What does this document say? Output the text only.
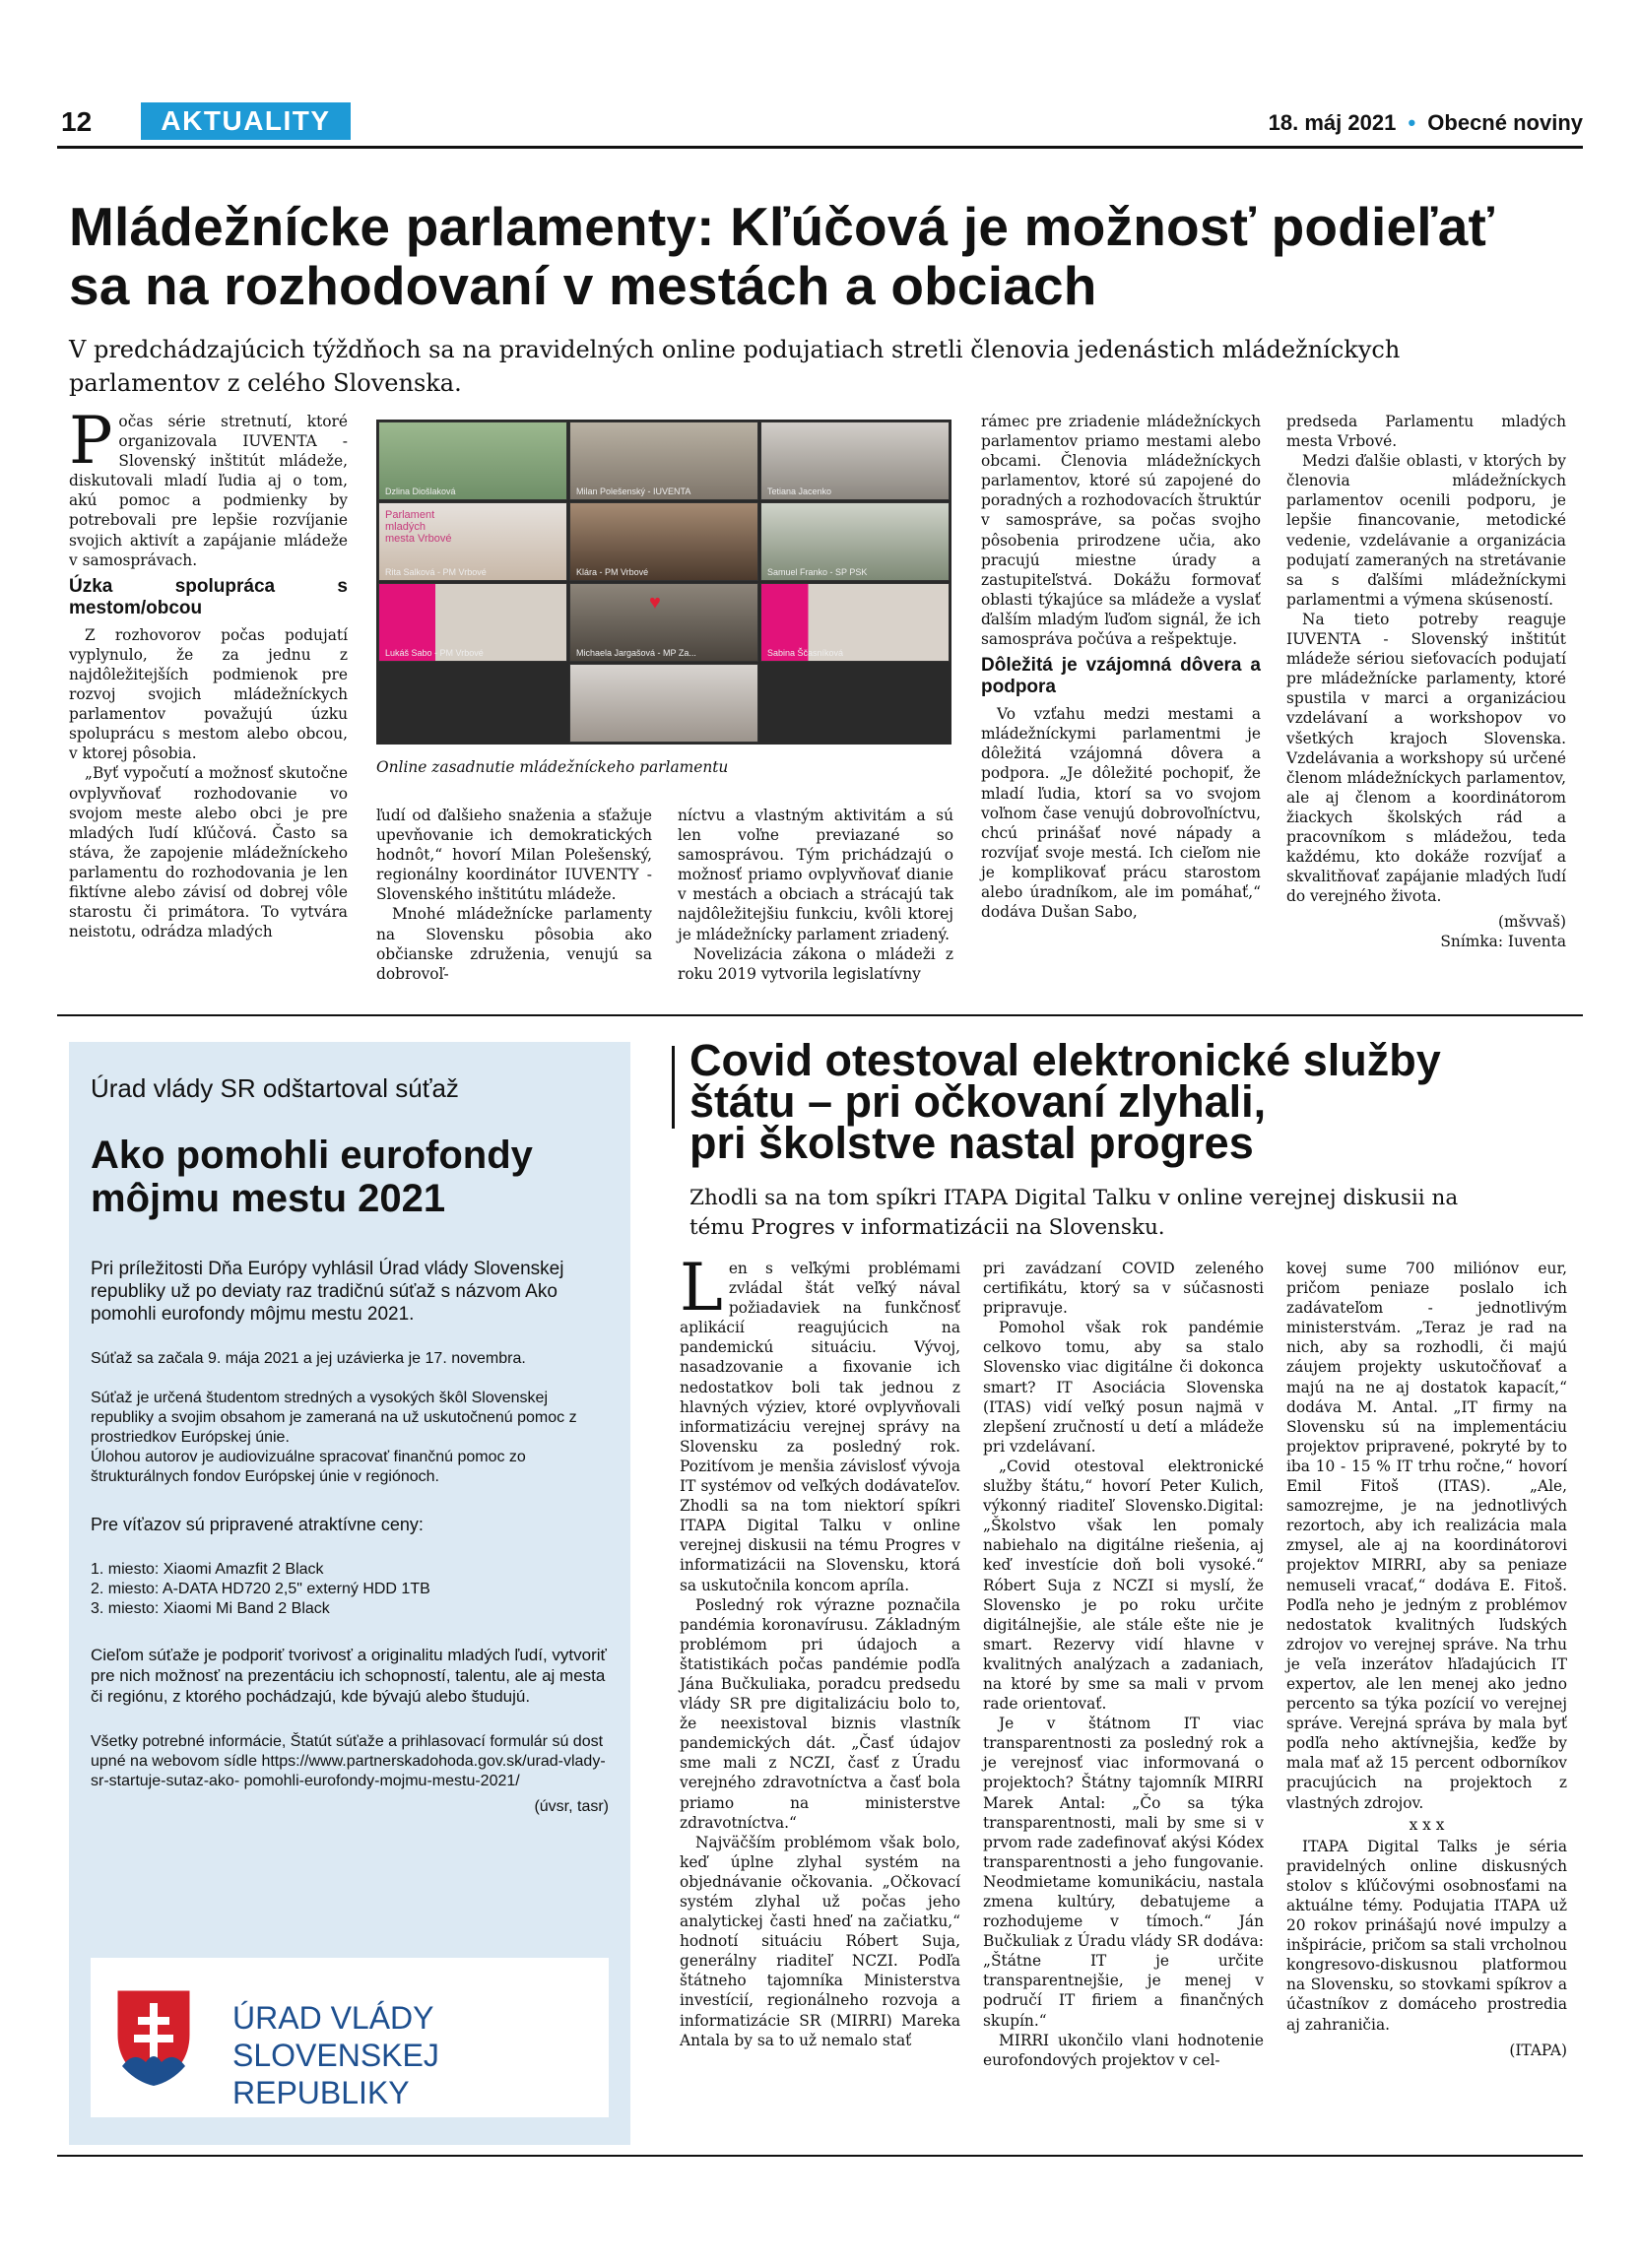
12	AKTUALITY	18. máj 2021 • Obecné noviny
Mládežnícke parlamenty: Kľúčová je možnosť podieľať
sa na rozhodovaní v mestách a obciach

V predchádzajúcich týždňoch sa na pravidelných online podujatiach stretli členovia jedenástich mládežníckych parlamentov z celého Slovenska.

P očas série stretnutí, ktoré organizovala IUVENTA - Slovenský inštitút mládeže, diskutovali mladí ľudia aj o tom, akú pomoc a podmienky by potrebovali pre lepšie rozvíjanie svojich aktivít a zapájanie mládeže v samosprávach.

Úzka spolupráca s mestom/obcou

Z rozhovorov počas podujatí vyplynulo, že za jednu z najdôležitejších podmienok pre rozvoj svojich mládežníckych parlamentov považujú úzku spoluprácu s mestom alebo obcou, v ktorej pôsobia.

„Byť vypočutí a možnosť skutočne ovplyvňovať rozhodovanie vo svojom meste alebo obci je pre mladých ľudí kľúčová. Často sa stáva, že zapojenie mládežníckeho parlamentu do rozhodovania je len fiktívne alebo závisí od dobrej vôle starostu či primátora. To vytvára neistotu, odrádza mladých

Dzlina Diošlaková	Milan Polešenský - IUVENTA	Tetiana Jacenko
Parlament mladých mesta Vrbové
Rita Salková - PM Vrbové	Klára - PM Vrbové	Samuel Franko - SP PSK
Lukáš Sabo - PM Vrbové
♥
Michaela Jargašová - MP Za...	Sabina Ščasníková

Online zasadnutie mládežníckeho parlamentu

ľudí od ďalšieho snaženia a sťažuje upevňovanie ich demokratických hodnôt,“ hovorí Milan Polešenský, regionálny koordinátor IUVENTY - Slovenského inštitútu mládeže.

Mnohé mládežnícke parlamenty na Slovensku pôsobia ako občianske združenia, venujú sa dobrovoľ-

níctvu a vlastným aktivitám a sú len voľne previazané so samosprávou. Tým prichádzajú o možnosť priamo ovplyvňovať dianie v mestách a obciach a strácajú tak najdôležitejšiu funkciu, kvôli ktorej je mládežnícky parlament zriadený.

Novelizácia zákona o mládeži z roku 2019 vytvorila legislatívny

rámec pre zriadenie mládežníckych parlamentov priamo mestami alebo obcami. Členovia mládežníckych parlamentov, ktoré sú zapojené do poradných a rozhodovacích štruktúr v samospráve, sa počas svojho pôsobenia prirodzene učia, ako pracujú miestne úrady a zastupiteľstvá. Dokážu formovať oblasti týkajúce sa mládeže a vyslať ďalším mladým ľuďom signál, že ich samospráva počúva a rešpektuje.

Dôležitá je vzájomná dôvera a podpora

Vo vzťahu medzi mestami a mládežníckymi parlamentmi je dôležitá vzájomná dôvera a podpora. „Je dôležité pochopiť, že mladí ľudia, ktorí sa vo svojom voľnom čase venujú dobrovoľníctvu, chcú prinášať nové nápady a rozvíjať svoje mestá. Ich cieľom nie je komplikovať prácu starostom alebo úradníkom, ale im pomáhať,“ dodáva Dušan Sabo,

predseda Parlamentu mladých mesta Vrbové.

Medzi ďalšie oblasti, v ktorých by členovia mládežníckych parlamentov ocenili podporu, je lepšie financovanie, metodické vedenie, vzdelávanie a organizácia podujatí zameraných na stretávanie sa s ďalšími mládežníckymi parlamentmi a výmena skúseností.

Na tieto potreby reaguje IUVENTA - Slovenský inštitút mládeže sériou sieťovacích podujatí pre mládežnícke parlamenty, ktoré spustila v marci a organizáciou vzdelávaní a workshopov vo všetkých krajoch Slovenska. Vzdelávania a workshopy sú určené členom mládežníckych parlamentov, ale aj členom a koordinátorom žiackych školských rád a pracovníkom s mládežou, teda každému, kto dokáže rozvíjať a skvalitňovať zapájanie mladých ľudí do verejného života.

(mšvvaš)

Snímka: Iuventa

Úrad vlády SR odštartoval súťaž
Ako pomohli eurofondy
môjmu mestu 2021

Pri príležitosti Dňa Európy vyhlásil Úrad vlády Slovenskej republiky už po deviaty raz tradičnú súťaž s názvom Ako pomohli eurofondy môjmu mestu 2021.

Súťaž sa začala 9. mája 2021 a jej uzávierka je 17. novembra.

Súťaž je určená študentom stredných a vysokých škôl Slovenskej republiky a svojim obsahom je zameraná na už uskutočnenú pomoc z prostriedkov Európskej únie.

Úlohou autorov je audiovizuálne spracovať finančnú pomoc zo štrukturálnych fondov Európskej únie v regiónoch.

Pre víťazov sú pripravené atraktívne ceny:

1. miesto: Xiaomi Amazfit 2 Black
2. miesto: A-DATA HD720 2,5" externý HDD 1TB
3. miesto: Xiaomi Mi Band 2 Black

Cieľom súťaže je podporiť tvorivosť a originalitu mladých ľudí, vytvoriť pre nich možnosť na prezentáciu ich schopností, talentu, ale aj mesta či regiónu, z ktorého pochádzajú, kde bývajú alebo študujú.

Všetky potrebné informácie, Štatút súťaže a prihlasovací formulár sú dostupné na webovom sídle https://www.partnerskadohoda.gov.sk/urad-vlady-sr-startuje-sutaz-ako- pomohli-eurofondy-mojmu-mestu-2021/

(úvsr, tasr)

ÚRAD VLÁDY
SLOVENSKEJ REPUBLIKY
Covid otestoval elektronické služby
štátu – pri očkovaní zlyhali,
pri školstve nastal progres

Zhodli sa na tom spíkri ITAPA Digital Talku v online verejnej diskusii na tému Progres v informatizácii na Slovensku.

L en s veľkými problémami zvládal štát veľký nával požiadaviek na funkčnosť aplikácií reagujúcich na pandemickú situáciu. Vývoj, nasadzovanie a fixovanie ich nedostatkov boli tak jednou z hlavných výziev, ktoré ovplyvňovali informatizáciu verejnej správy na Slovensku za posledný rok. Pozitívom je menšia závislosť vývoja IT systémov od veľkých dodávateľov. Zhodli sa na tom niektorí spíkri ITAPA Digital Talku v online verejnej diskusii na tému Progres v informatizácii na Slovensku, ktorá sa uskutočnila koncom apríla.

Posledný rok výrazne poznačila pandémia koronavírusu. Základným problémom pri údajoch a štatistikách počas pandémie podľa Jána Bučkuliaka, poradcu predsedu vlády SR pre digitalizáciu bolo to, že neexistoval biznis vlastník pandemických dát. „Časť údajov sme mali z NCZI, časť z Úradu verejného zdravotníctva a časť bola priamo na ministerstve zdravotníctva.“

Najväčším problémom však bolo, keď úplne zlyhal systém na objednávanie očkovania. „Očkovací systém zlyhal už počas jeho analytickej časti hneď na začiatku,“ hodnotí situáciu Róbert Suja, generálny riaditeľ NCZI. Podľa štátneho tajomníka Ministerstva investícií, regionálneho rozvoja a informatizácie SR (MIRRI) Mareka Antala by sa to už nemalo stať

pri zavádzaní COVID zeleného certifikátu, ktorý sa v súčasnosti pripravuje.

Pomohol však rok pandémie celkovo tomu, aby sa stalo Slovensko viac digitálne či dokonca smart? IT Asociácia Slovenska (ITAS) vidí veľký posun najmä v zlepšení zručností u detí a mládeže pri vzdelávaní.

„Covid otestoval elektronické služby štátu,“ hovorí Peter Kulich, výkonný riaditeľ Slovensko.Digital: „Školstvo však len pomaly nabiehalo na digitálne riešenia, aj keď investície doň boli vysoké.“ Róbert Suja z NCZI si myslí, že Slovensko je po roku určite digitálnejšie, ale stále ešte nie je smart. Rezervy vidí hlavne v kvalitných analýzach a zadaniach, na ktoré by sme sa mali v prvom rade orientovať.

Je v štátnom IT viac transparentnosti za posledný rok a je verejnosť viac informovaná o projektoch? Štátny tajomník MIRRI Marek Antal: „Čo sa týka transparentnosti, mali by sme si v prvom rade zadefinovať akýsi Kódex transparentnosti a jeho fungovanie. Neodmietame komunikáciu, nastala zmena kultúry, debatujeme a rozhodujeme v tímoch.“ Ján Bučkuliak z Úradu vlády SR dodáva: „Štátne IT je určite transparentnejšie, je menej v područí IT firiem a finančných skupín.“

MIRRI ukončilo vlani hodnotenie eurofondových projektov v cel-

kovej sume 700 miliónov eur, pričom peniaze poslalo ich zadávateľom - jednotlivým ministerstvám. „Teraz je rad na nich, aby sa rozhodli, či majú záujem projekty uskutočňovať a majú na ne aj dostatok kapacít,“ dodáva M. Antal. „IT firmy na Slovensku sú na implementáciu projektov pripravené, pokryté by to iba 10 - 15 % IT trhu ročne,“ hovorí Emil Fitoš (ITAS). „Ale, samozrejme, je na jednotlivých rezortoch, aby ich realizácia mala zmysel, ale aj na koordinátorovi projektov MIRRI, aby sa peniaze nemuseli vracať,“ dodáva E. Fitoš. Podľa neho je jedným z problémov nedostatok kvalitných ľudských zdrojov vo verejnej správe. Na trhu je veľa inzerátov hľadajúcich IT expertov, ale len menej ako jedno percento sa týka pozícií vo verejnej správe. Verejná správa by mala byť podľa neho aktívnejšia, keďže by mala mať až 15 percent odborníkov pracujúcich na projektoch z vlastných zdrojov.

x x x

ITAPA Digital Talks je séria pravidelných online diskusných stolov s kľúčovými osobnosťami na aktuálne témy. Podujatia ITAPA už 20 rokov prinášajú nové impulzy a inšpirácie, pričom sa stali vrcholnou kongresovo-diskusnou platformou na Slovensku, so stovkami spíkrov a účastníkov z domáceho prostredia aj zahraničia.

(ITAPA)
